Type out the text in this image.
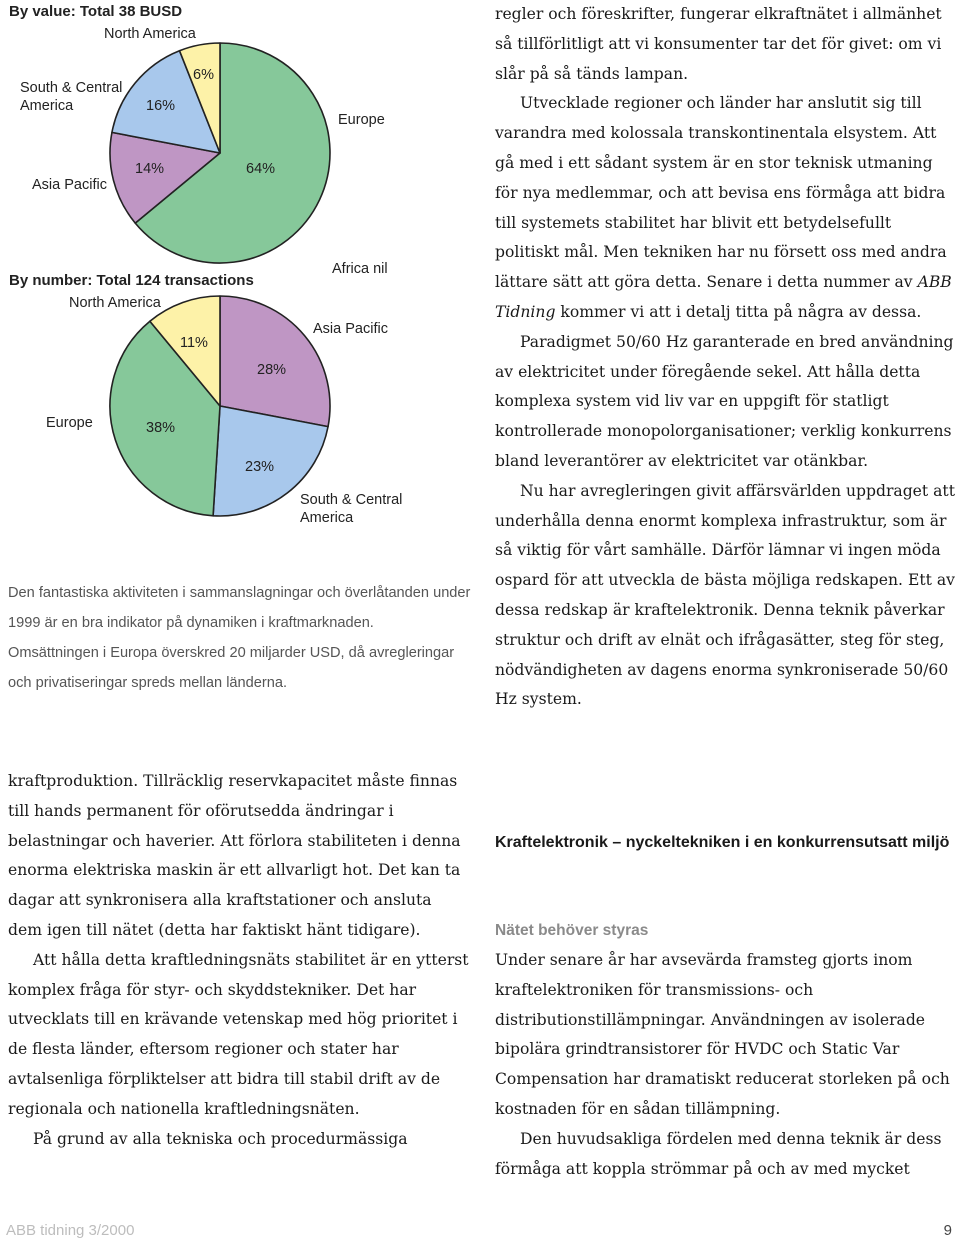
By value: Total 38 BUSD
North America
South & Central
America
Europe
Asia Pacific
6%
16%
14%	64%
By number: Total 124 transactions
North America
Africa nil
Asia Pacific
Europe
South & Central
America
11%
28%
38%
23%

Den fantastiska aktiviteten i sammanslagningar och överlåtanden under 1999 är en bra indikator på dynamiken i kraftmarknaden.

Omsättningen i Europa överskred 20 miljarder USD, då avregleringar och privatiseringar spreds mellan länderna.

kraftproduktion. Tillräcklig reservkapacitet måste finnas till hands permanent för oförutsedda ändringar i belastningar och haverier. Att förlora stabiliteten i denna enorma elektriska maskin är ett allvarligt hot. Det kan ta dagar att synkronisera alla kraftstationer och ansluta dem igen till nätet (detta har faktiskt hänt tidigare).

Att hålla detta kraftledningsnäts stabilitet är en ytterst komplex fråga för styr- och skyddstekniker. Det har utvecklats till en krävande vetenskap med hög prioritet i de flesta länder, eftersom regioner och stater har avtalsenliga förpliktelser att bidra till stabil drift av de regionala och nationella kraftledningsnäten.

På grund av alla tekniska och procedurmässiga

regler och föreskrifter, fungerar elkraftnätet i allmänhet så tillförlitligt att vi konsumenter tar det för givet: om vi slår på så tänds lampan.

Utvecklade regioner och länder har anslutit sig till varandra med kolossala transkontinentala elsystem. Att gå med i ett sådant system är en stor teknisk utmaning för nya medlemmar, och att bevisa ens förmåga att bidra till systemets stabilitet har blivit ett betydelsefullt politiskt mål. Men tekniken har nu försett oss med andra lättare sätt att göra detta. Senare i detta nummer av ABB Tidning kommer vi att i detalj titta på några av dessa.

Paradigmet 50/60 Hz garanterade en bred användning av elektricitet under föregående sekel. Att hålla detta komplexa system vid liv var en uppgift för statligt kontrollerade monopolorganisationer; verklig konkurrens bland leverantörer av elektricitet var otänkbar.

Nu har avregleringen givit affärsvärlden uppdraget att underhålla denna enormt komplexa infrastruktur, som är så viktig för vårt samhälle. Därför lämnar vi ingen möda ospard för att utveckla de bästa möjliga redskapen. Ett av dessa redskap är kraftelektronik. Denna teknik påverkar struktur och drift av elnät och ifrågasätter, steg för steg, nödvändigheten av dagens enorma synkroniserade 50/60 Hz system.

Kraftelektronik – nyckeltekniken i en konkurrensutsatt miljö
Nätet behöver styras

Under senare år har avsevärda framsteg gjorts inom kraftelektroniken för transmissions- och distributionstillämpningar. Användningen av isolerade bipolära grindtransistorer för HVDC och Static Var Compensation har dramatiskt reducerat storleken på och kostnaden för en sådan tillämpning.

Den huvudsakliga fördelen med denna teknik är dess förmåga att koppla strömmar på och av med mycket

ABB tidning 3/2000	9
